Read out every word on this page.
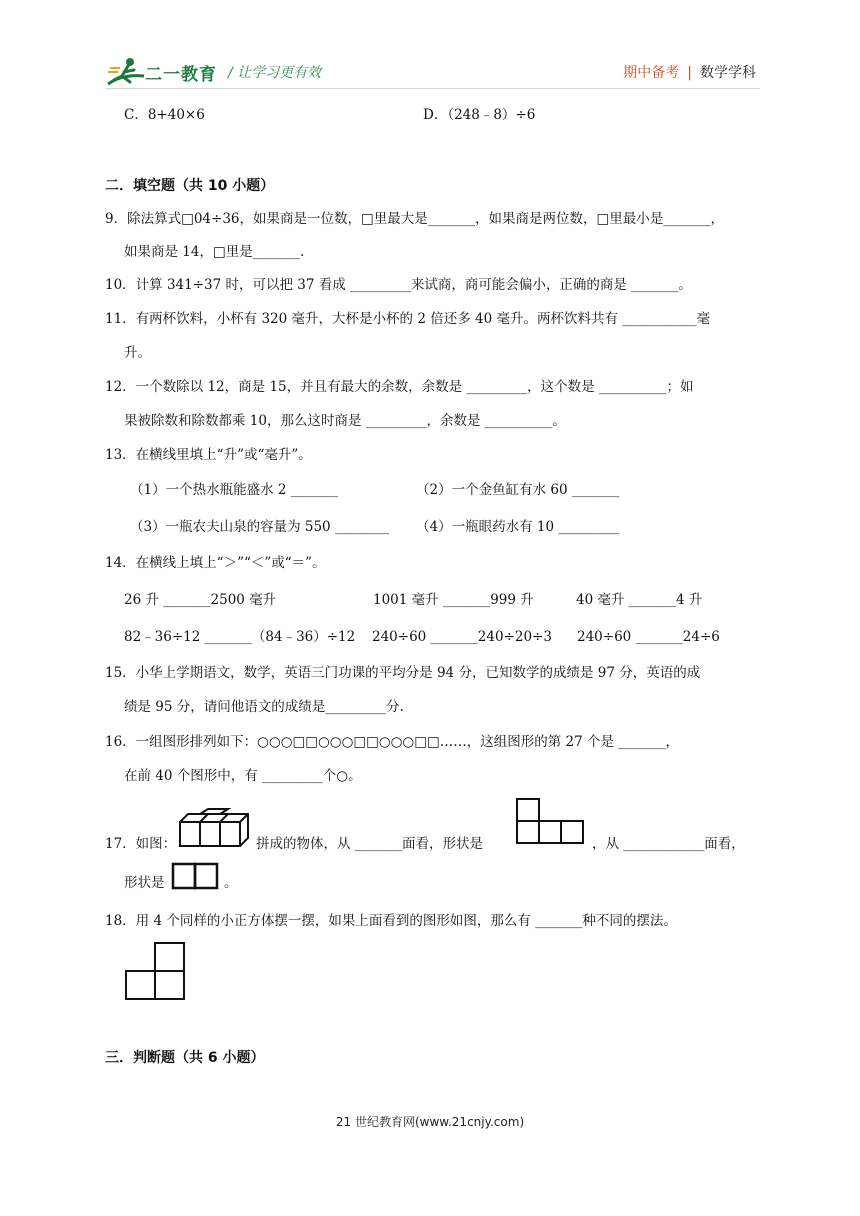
二一教育 / 让学习更有效	期中备考 | 数学学科
C．8+40×6	D．（248﹣8）÷6
二．填空题（共 10 小题）
9．除法算式□04÷36，如果商是一位数，□里最大是_______，如果商是两位数，□里最小是_______，
如果商是 14，□里是_______.
10．计算 341÷37 时，可以把 37 看成 _________来试商，商可能会偏小，正确的商是 _______。
11．有两杯饮料，小杯有 320 毫升，大杯是小杯的 2 倍还多 40 毫升。两杯饮料共有 ___________毫
升。
12．一个数除以 12，商是 15，并且有最大的余数，余数是 _________，这个数是 __________；如
果被除数和除数都乘 10，那么这时商是 _________，余数是 __________。
13．在横线里填上“升”或“毫升”。
（1）一个热水瓶能盛水 2 _______	（2）一个金鱼缸有水 60 _______
（3）一瓶农夫山泉的容量为 550 ________ （4）一瓶眼药水有 10 _________
14．在横线上填上“＞”“＜”或“＝”。
26 升 _______2500 毫升	1001 毫升 _______999 升	40 毫升 _______4 升
82﹣36÷12 _______（84﹣36）÷12 240÷60 _______240÷20÷3 240÷60 _______24÷6
15．小华上学期语文，数学，英语三门功课的平均分是 94 分，已知数学的成绩是 97 分，英语的成
绩是 95 分，请问他语文的成绩是_________分.
16．一组图形排列如下：○○○□□○○○□□○○○□□……，这组图形的第 27 个是 _______，
在前 40 个图形中，有 _________个○。
17．如图：	拼成的物体，从 _______面看，形状是	，从 ____________面看，
形状是	。
18．用 4 个同样的小正方体摆一摆，如果上面看到的图形如图，那么有 _______种不同的摆法。
三．判断题（共 6 小题）
21 世纪教育网(www.21cnjy.com)
